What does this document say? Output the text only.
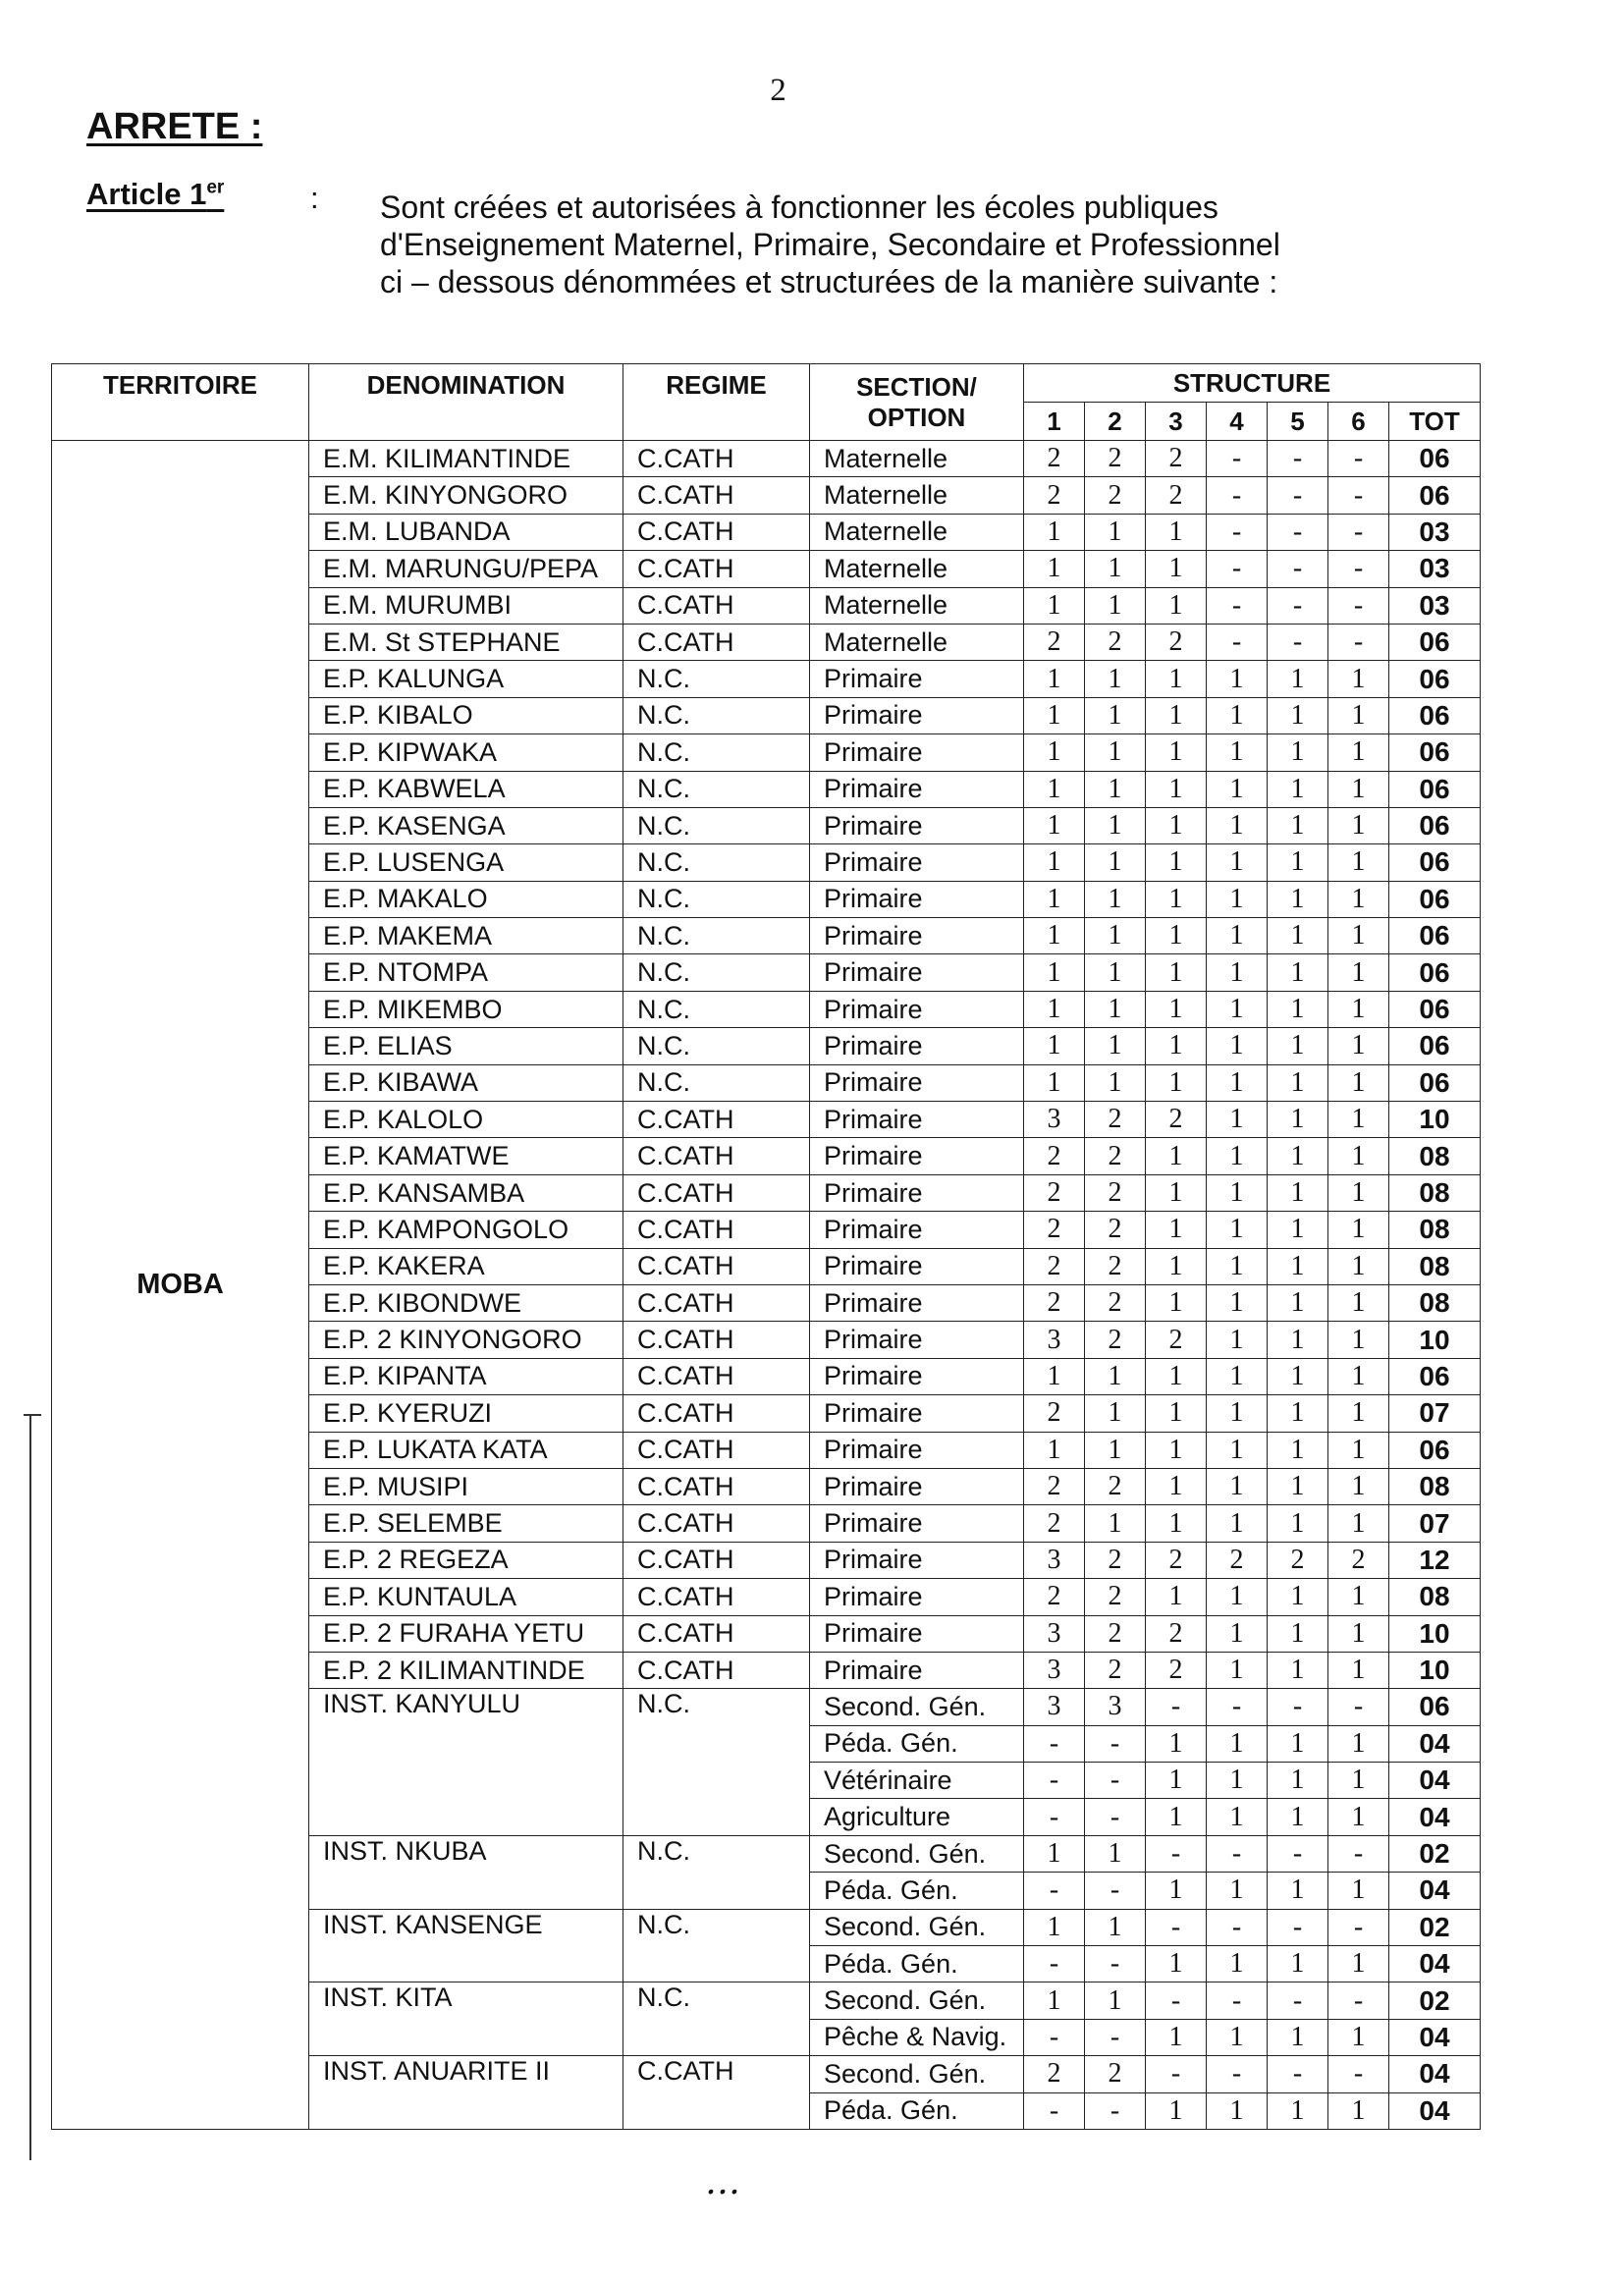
2
ARRETE :
Article 1er	: Sont créées et autorisées à fonctionner les écoles publiques
d'Enseignement Maternel, Primaire, Secondaire et Professionnel
ci – dessous dénommées et structurées de la manière suivante :
TERRITOIRE	DENOMINATION	REGIME	SECTION/
OPTION	STRUCTURE						
				1	2	3	4	5	6	TOT
MOBA	E.M. KILIMANTINDE	C.CATH	Maternelle	2	2	2	-	-	-	06
	E.M. KINYONGORO	C.CATH	Maternelle	2	2	2	-	-	-	06
	E.M. LUBANDA	C.CATH	Maternelle	1	1	1	-	-	-	03
	E.M. MARUNGU/PEPA	C.CATH	Maternelle	1	1	1	-	-	-	03
	E.M. MURUMBI	C.CATH	Maternelle	1	1	1	-	-	-	03
	E.M. St STEPHANE	C.CATH	Maternelle	2	2	2	-	-	-	06
	E.P. KALUNGA	N.C.	Primaire	1	1	1	1	1	1	06
	E.P. KIBALO	N.C.	Primaire	1	1	1	1	1	1	06
	E.P. KIPWAKA	N.C.	Primaire	1	1	1	1	1	1	06
	E.P. KABWELA	N.C.	Primaire	1	1	1	1	1	1	06
	E.P. KASENGA	N.C.	Primaire	1	1	1	1	1	1	06
	E.P. LUSENGA	N.C.	Primaire	1	1	1	1	1	1	06
	E.P. MAKALO	N.C.	Primaire	1	1	1	1	1	1	06
	E.P. MAKEMA	N.C.	Primaire	1	1	1	1	1	1	06
	E.P. NTOMPA	N.C.	Primaire	1	1	1	1	1	1	06
	E.P. MIKEMBO	N.C.	Primaire	1	1	1	1	1	1	06
	E.P. ELIAS	N.C.	Primaire	1	1	1	1	1	1	06
	E.P. KIBAWA	N.C.	Primaire	1	1	1	1	1	1	06
	E.P. KALOLO	C.CATH	Primaire	3	2	2	1	1	1	10
	E.P. KAMATWE	C.CATH	Primaire	2	2	1	1	1	1	08
	E.P. KANSAMBA	C.CATH	Primaire	2	2	1	1	1	1	08
	E.P. KAMPONGOLO	C.CATH	Primaire	2	2	1	1	1	1	08
	E.P. KAKERA	C.CATH	Primaire	2	2	1	1	1	1	08
	E.P. KIBONDWE	C.CATH	Primaire	2	2	1	1	1	1	08
	E.P. 2 KINYONGORO	C.CATH	Primaire	3	2	2	1	1	1	10
	E.P. KIPANTA	C.CATH	Primaire	1	1	1	1	1	1	06
	E.P. KYERUZI	C.CATH	Primaire	2	1	1	1	1	1	07
	E.P. LUKATA KATA	C.CATH	Primaire	1	1	1	1	1	1	06
	E.P. MUSIPI	C.CATH	Primaire	2	2	1	1	1	1	08
	E.P. SELEMBE	C.CATH	Primaire	2	1	1	1	1	1	07
	E.P. 2 REGEZA	C.CATH	Primaire	3	2	2	2	2	2	12
	E.P. KUNTAULA	C.CATH	Primaire	2	2	1	1	1	1	08
	E.P. 2 FURAHA YETU	C.CATH	Primaire	3	2	2	1	1	1	10
	E.P. 2 KILIMANTINDE	C.CATH	Primaire	3	2	2	1	1	1	10
	INST. KANYULU	N.C.	Second. Gén.	3	3	-	-	-	-	06
			Péda. Gén.	-	-	1	1	1	1	04
			Vétérinaire	-	-	1	1	1	1	04
			Agriculture	-	-	1	1	1	1	04
	INST. NKUBA	N.C.	Second. Gén.	1	1	-	-	-	-	02
			Péda. Gén.	-	-	1	1	1	1	04
	INST. KANSENGE	N.C.	Second. Gén.	1	1	-	-	-	-	02
			Péda. Gén.	-	-	1	1	1	1	04
	INST. KITA	N.C.	Second. Gén.	1	1	-	-	-	-	02
			Pêche & Navig.	-	-	1	1	1	1	04
	INST. ANUARITE II	C.CATH	Second. Gén.	2	2	-	-	-	-	04
			Péda. Gén.	-	-	1	1	1	1	04
…
